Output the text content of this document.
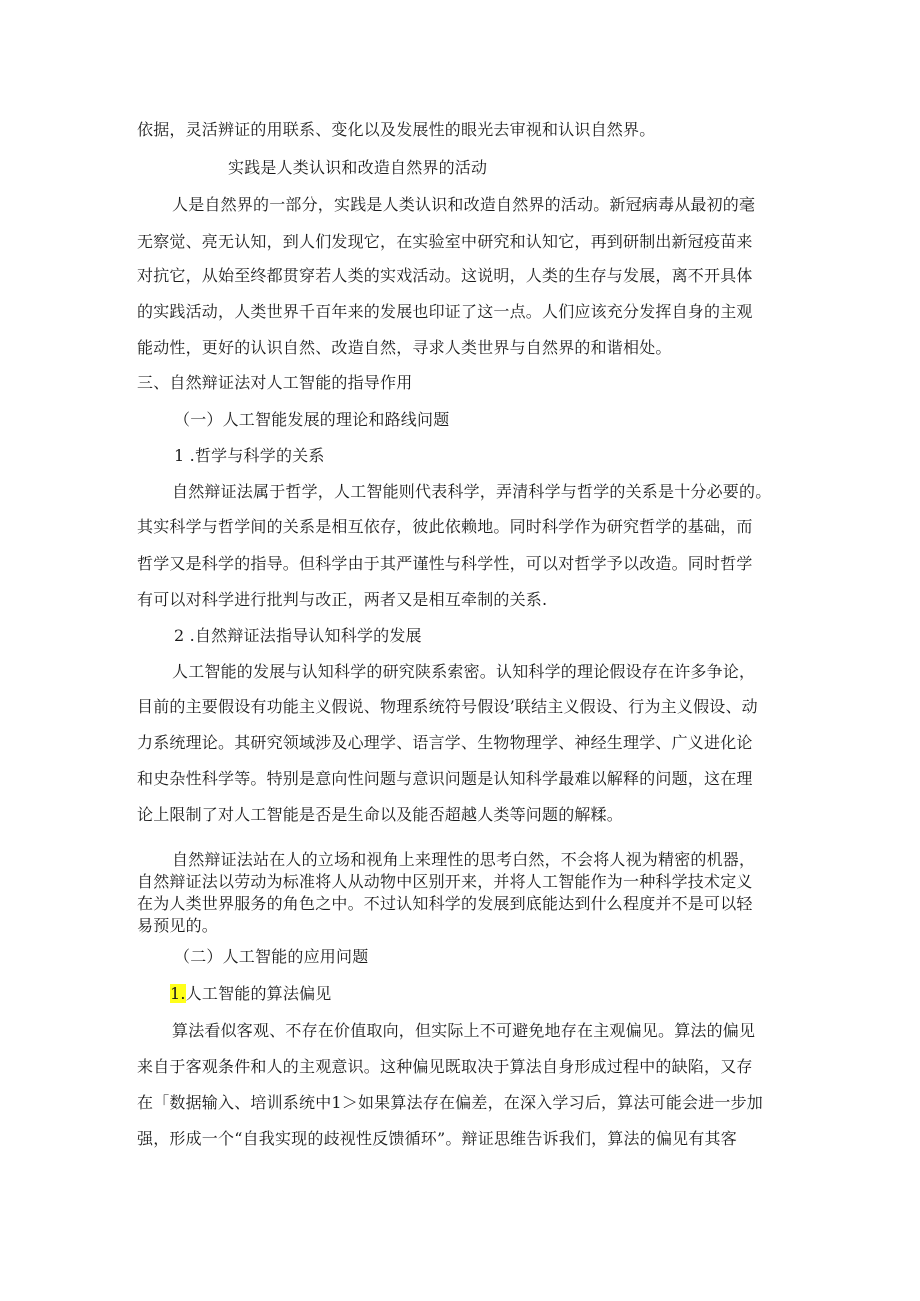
依据，灵活辨证的用联系、变化以及发展性的眼光去审视和认识自然界。
实践是人类认识和改造自然界的活动
人是自然界的一部分，实践是人类认识和改造自然界的活动。新冠病毒从最初的毫
无察觉、亮无认知，到人们发现它，在实验室中研究和认知它，再到研制出新冠疫苗来
对抗它，从始至终都贯穿若人类的实戏活动。这说明，人类的生存与发展，离不开具体
的实践活动，人类世界千百年来的发展也印证了这一点。人们应该充分发挥自身的主观
能动性，更好的认识自然、改造自然，寻求人类世界与自然界的和谐相处。
三、自然辩证法对人工智能的指导作用
（一）人工智能发展的理论和路线问题
1 .哲学与科学的关系
自然辩证法属于哲学，人工智能则代表科学，弄清科学与哲学的关系是十分必要的。
其实科学与哲学间的关系是相互依存，彼此依赖地。同时科学作为研究哲学的基础，而
哲学又是科学的指导。但科学由于其严谨性与科学性，可以对哲学予以改造。同时哲学
有可以对科学进行批判与改正，两者又是相互牵制的关系.
2 .自然辩证法指导认知科学的发展
人工智能的发展与认知科学的研究陕系索密。认知科学的理论假设存在许多争论，
目前的主要假设有功能主义假说、物理系统符号假设’联结主义假设、行为主义假设、动
力系统理论。其研究领域涉及心理学、语言学、生物物理学、神经生理学、广义进化论
和史杂性科学等。特别是意向性问题与意识问题是认知科学最难以解释的问题，这在理
论上限制了对人工智能是否是生命以及能否超越人类等问题的解糅。
自然辩证法站在人的立场和视角上来理性的思考白然，不会将人视为精密的机器，
自然辩证法以劳动为标准将人从动物中区别开来，并将人工智能作为一种科学技术定义
在为人类世界服务的角色之中。不过认知科学的发展到底能达到什么程度并不是可以轻
易预见的。
（二）人工智能的应用问题
1.人工智能的算法偏见
算法看似客观、不存在价值取向，但实际上不可避免地存在主观偏见。算法的偏见
来自于客观条件和人的主观意识。这种偏见既取决于算法自身形成过程中的缺陷，又存
在「数据输入、培训系统中1＞如果算法存在偏差，在深入学习后，算法可能会进一步加
强，形成一个“自我实现的歧视性反馈循环”。辩证思维告诉我们，算法的偏见有其客
